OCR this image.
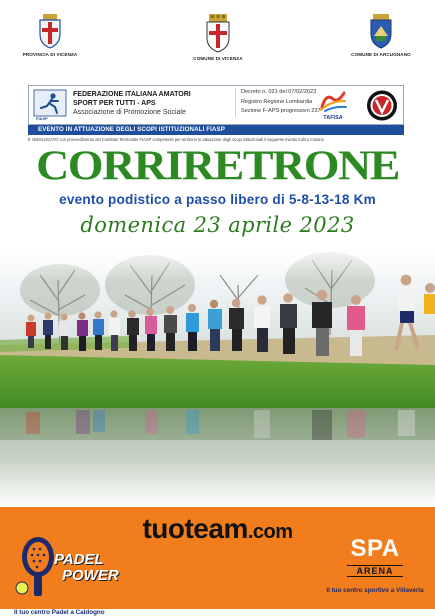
PROVINCIA DI VICENZA
COMUNE DI VICENZA
COMUNE DI ARCUGNANO
FIASP
FEDERAZIONE ITALIANA AMATORI
SPORT PER TUTTI - APS
Associazione di Promozione Sociale
Decreto n. 021 del 07/02/2023
Registro Regione Lombardia
Sezione F-APS progressivo 237
TAFISA
EVENTO IN ATTUAZIONE DEGLI SCOPI ISTITUZIONALI FIASP
È OMOLOGATO con provvedimento del Comitato Territoriale FIASP competente per territorio in attuazione degli scopi istituzionali il seguente evento ludico motorio
CORRIRETRONE
evento podistico a passo libero di 5-8-13-18 Km
domenica 23 aprile 2023
tuoteam.com
PADEL
POWER
Il tuo centro Padel a Caldogno
SPA
ARENA
Il tuo centro sportivo a Villaverla
